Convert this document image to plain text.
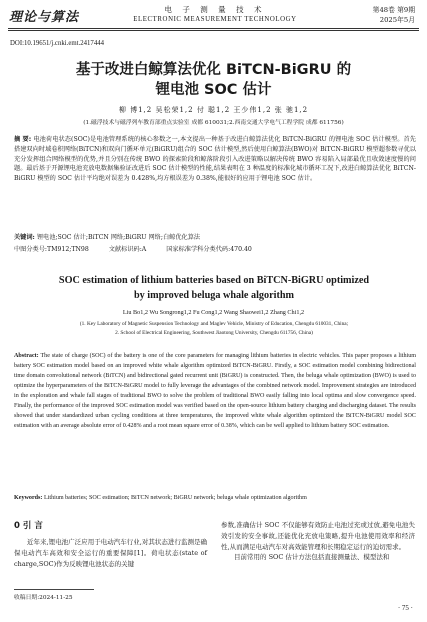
理论与算法	电 子 测 量 技 术
ELECTRONIC MEASUREMENT TECHNOLOGY
第48卷 第9期
2025年5月
DOI:10.19651/j.cnki.emt.2417444
基于改进白鲸算法优化 BiTCN-BiGRU 的
锂电池 SOC 估计
柳 博1,2 吴松荣1,2 付 聪1,2 王少伟1,2 张 驰1,2
(1.磁浮技术与磁浮列车教育部重点实验室 成都 610031;2.西南交通大学电气工程学院 成都 611756)
摘 要: 电池荷电状态(SOC)是电池管理系统的核心参数之一,本文提出一种基于改进白鲸算法优化 BiTCN-BiGRU 的锂电池 SOC 估计模型。首先搭建双向时域卷积网络(BiTCN)和双向门循环单元(BiGRU)组合的 SOC 估计模型,然后使用白鲸算法(BWO)对 BiTCN-BiGRU 模型超参数寻优以充分发挥组合网络模型的优势,并且分别在传统 BWO 的探索阶段和鲸落阶段引入改进策略以解决传统 BWO 容易陷入局部最优且收敛速度慢的问题。最后基于开源锂电池充放电数据集验证改进后 SOC 估计模型的性能,结果表明在 3 种温度的标准化城市循环工况下,改进白鲸算法优化 BiTCN-BiGRU 模型的 SOC 估计平均绝对误差为 0.428%,均方根误差为 0.38%,能很好的应用于锂电池 SOC 估计。
关键词: 锂电池;SOC 估计;BiTCN 网络;BiGRU 网络;白鲸优化算法
中图分类号:TM912;TN98	文献标识码:A	国家标准学科分类代码:470.40
SOC estimation of lithium batteries based on BiTCN-BiGRU optimized
by improved beluga whale algorithm
Liu Bo1,2 Wu Songrong1,2 Fu Cong1,2 Wang Shaowei1,2 Zhang Chi1,2
(1. Key Laboratory of Magnetic Suspension Technology and Maglev Vehicle, Ministry of Education, Chengdu 610031, China;
2. School of Electrical Engineering, Southwest Jiaotong University, Chengdu 611756, China)
Abstract: The state of charge (SOC) of the battery is one of the core parameters for managing lithium batteries in electric vehicles. This paper proposes a lithium battery SOC estimation model based on an improved white whale algorithm optimized BiTCN-BiGRU. Firstly, a SOC estimation model combining bidirectional time domain convolutional network (BiTCN) and bidirectional gated recurrent unit (BiGRU) is constructed. Then, the beluga whale optimization (BWO) is used to optimize the hyperparameters of the BiTCN-BiGRU model to fully leverage the advantages of the combined network model. Improvement strategies are introduced in the exploration and whale fall stages of traditional BWO to solve the problem of traditional BWO easily falling into local optima and slow convergence speed. Finally, the performance of the improved SOC estimation model was verified based on the open-source lithium battery charging and discharging dataset. The results showed that under standardized urban cycling conditions at three temperatures, the improved white whale algorithm optimized the BiTCN-BiGRU model SOC estimation with an average absolute error of 0.428% and a root mean square error of 0.38%, which can be well applied to lithium battery SOC estimation.
Keywords: Lithium batteries; SOC estimation; BiTCN network; BiGRU network; beluga whale optimization algorithm
0 引 言

近年来,锂电池广泛应用于电动汽车行业,对其状态进行监测是确保电动汽车高效和安全运行的重要保障[1]。荷电状态(state of charge,SOC)作为反映锂电池状态的关键

参数,准确估计 SOC 不仅能够有效防止电池过充或过放,避免电池失效引发的安全事故,还能优化充放电策略,提升电池使用效率和经济性,从而满足电动汽车对高效能管理和长期稳定运行的迫切需求。

目前常用的 SOC 估计方法包括直接测量法、模型法和

收稿日期:2024-11-25
· 75 ·
